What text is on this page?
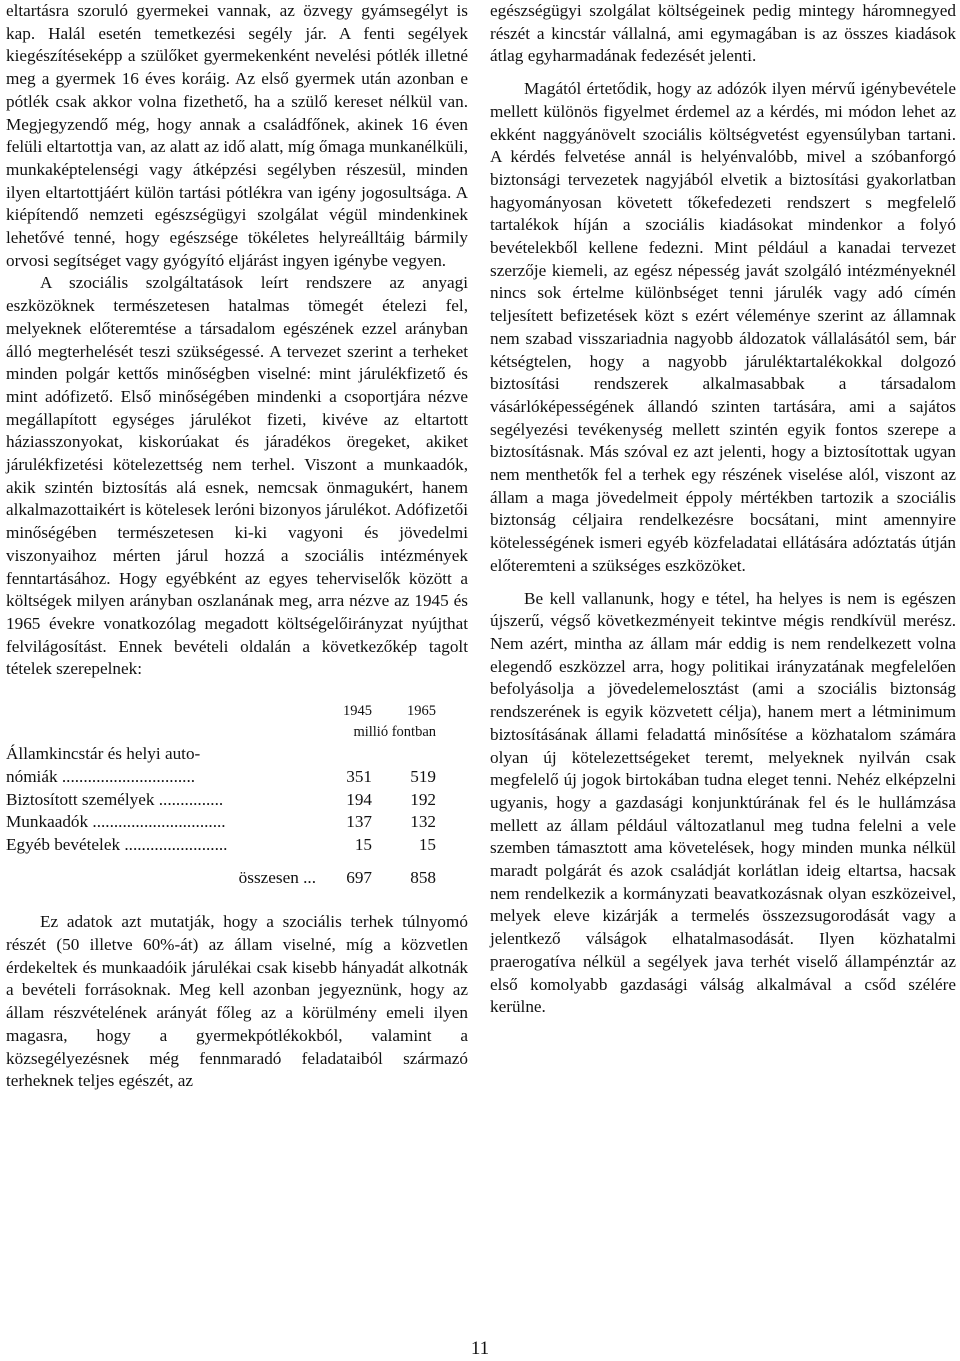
eltartásra szoruló gyermekei vannak, az özvegy gyámsegélyt is kap. Halál esetén temetkezési segély jár. A fenti segélyek kiegészítéseképp a szülőket gyermekenként nevelési pótlék illetné meg a gyermek 16 éves koráig. Az első gyermek után azonban e pótlék csak akkor volna fizethető, ha a szülő kereset nélkül van. Megjegyzendő még, hogy annak a családfőnek, akinek 16 éven felüli eltartottja van, az alatt az idő alatt, míg őmaga munkanélküli, munkaképtelenségi vagy átképzési segélyben részesül, minden ilyen eltartottjáért külön tartási pótlékra van igény jogosultsága. A kiépítendő nemzeti egészségügyi szolgálat végül mindenkinek lehetővé tenné, hogy egészsége tökéletes helyreálltáig bármily orvosi segítséget vagy gyógyító eljárást ingyen igénybe vegyen.

A szociális szolgáltatások leírt rendszere az anyagi eszközöknek természetesen hatalmas tömegét ételezi fel, melyeknek előteremtése a társadalom egészének ezzel arányban álló megterhelését teszi szükségessé. A tervezet szerint a terheket minden polgár kettős minőségben viselné: mint járulékfizető és mint adófizető. Első minőségében mindenki a csoportjára nézve megállapított egységes járulékot fizeti, kivéve az eltartott háziasszonyokat, kiskorúakat és járadékos öregeket, akiket járulékfizetési kötelezettség nem terhel. Viszont a munkaadók, akik szintén biztosítás alá esnek, nemcsak önmagukért, hanem alkalmazottaikért is kötelesek leróni bizonyos járulékot. Adófizetői minőségében természetesen ki-ki vagyoni és jövedelmi viszonyaihoz mérten járul hozzá a szociális intézmények fenntartásához. Hogy egyébként az egyes teherviselők között a költségek milyen arányban oszlanának meg, arra nézve az 1945 és 1965 évekre vonatkozólag megadott költségelőirányzat nyújthat felvilágosítást. Ennek bevételi oldalán a következőkép tagolt tételek szerepelnek:

	1945	1965
	millió fontban	
Államkincstár és helyi auto-		
nómiák ...............................	351	519
Biztosított személyek ...............	194	192
Munkaadók ...............................	137	132
Egyéb bevételek ........................	15	15
összesen ...	697	858

Ez adatok azt mutatják, hogy a szociális terhek túlnyomó részét (50 illetve 60%-át) az állam viselné, míg a közvetlen érdekeltek és munkaadóik járulékai csak kisebb hányadát alkotnák a bevételi forrásoknak. Meg kell azonban jegyeznünk, hogy az állam részvételének arányát főleg az a körülmény emeli ilyen magasra, hogy a gyermekpótlékokból, valamint a közsegélyezésnek még fennmaradó feladataiból származó terheknek teljes egészét, az

egészségügyi szolgálat költségeinek pedig mintegy háromnegyed részét a kincstár vállalná, ami egymagában is az összes kiadások átlag egyharmadának fedezését jelenti.

Magától értetődik, hogy az adózók ilyen mérvű igénybevétele mellett különös figyelmet érdemel az a kérdés, mi módon lehet az ekként naggyánövelt szociális költségvetést egyensúlyban tartani. A kérdés felvetése annál is helyénvalóbb, mivel a szóbanforgó biztonsági tervezetek nagyjából elvetik a biztosítási gyakorlatban hagyományosan követett tőkefedezeti rendszert s megfelelő tartalékok híján a szociális kiadásokat mindenkor a folyó bevételekből kellene fedezni. Mint például a kanadai tervezet szerzője kiemeli, az egész népesség javát szolgáló intézményeknél nincs sok értelme különbséget tenni járulék vagy adó címén teljesített befizetések közt s ezért véleménye szerint az államnak nem szabad visszariadnia nagyobb áldozatok vállalásától sem, bár kétségtelen, hogy a nagyobb járuléktartalékokkal dolgozó biztosítási rendszerek alkalmasabbak a társadalom vásárlóképességének állandó szinten tartására, ami a sajátos segélyezési tevékenység mellett szintén egyik fontos szerepe a biztosításnak. Más szóval ez azt jelenti, hogy a biztosítottak ugyan nem menthetők fel a terhek egy részének viselése alól, viszont az állam a maga jövedelmeit éppoly mértékben tartozik a szociális biztonság céljaira rendelkezésre bocsátani, mint amennyire kötelességének ismeri egyéb közfeladatai ellátására adóztatás útján előteremteni a szükséges eszközöket.

Be kell vallanunk, hogy e tétel, ha helyes is nem is egészen újszerű, végső következményeit tekintve mégis rendkívül merész. Nem azért, mintha az állam már eddig is nem rendelkezett volna elegendő eszközzel arra, hogy politikai irányzatának megfelelően befolyásolja a jövedelemelosztást (ami a szociális biztonság rendszerének is egyik közvetett célja), hanem mert a létminimum biztosításának állami feladattá minősítése a közhatalom számára olyan új kötelezettségeket teremt, melyeknek nyilván csak megfelelő új jogok birtokában tudna eleget tenni. Nehéz elképzelni ugyanis, hogy a gazdasági konjunktúrának fel és le hullámzása mellett az állam például változatlanul meg tudna felelni a vele szemben támasztott ama követelések, hogy minden munka nélkül maradt polgárát és azok családját korlátlan ideig eltartsa, hacsak nem rendelkezik a kormányzati beavatkozásnak olyan eszközeivel, melyek eleve kizárják a termelés összezsugorodását vagy a jelentkező válságok elhatalmasodását. Ilyen közhatalmi praerogatíva nélkül a segélyek java terhét viselő állampénztár az első komolyabb gazdasági válság alkalmával a csőd szélére kerülne.

11
